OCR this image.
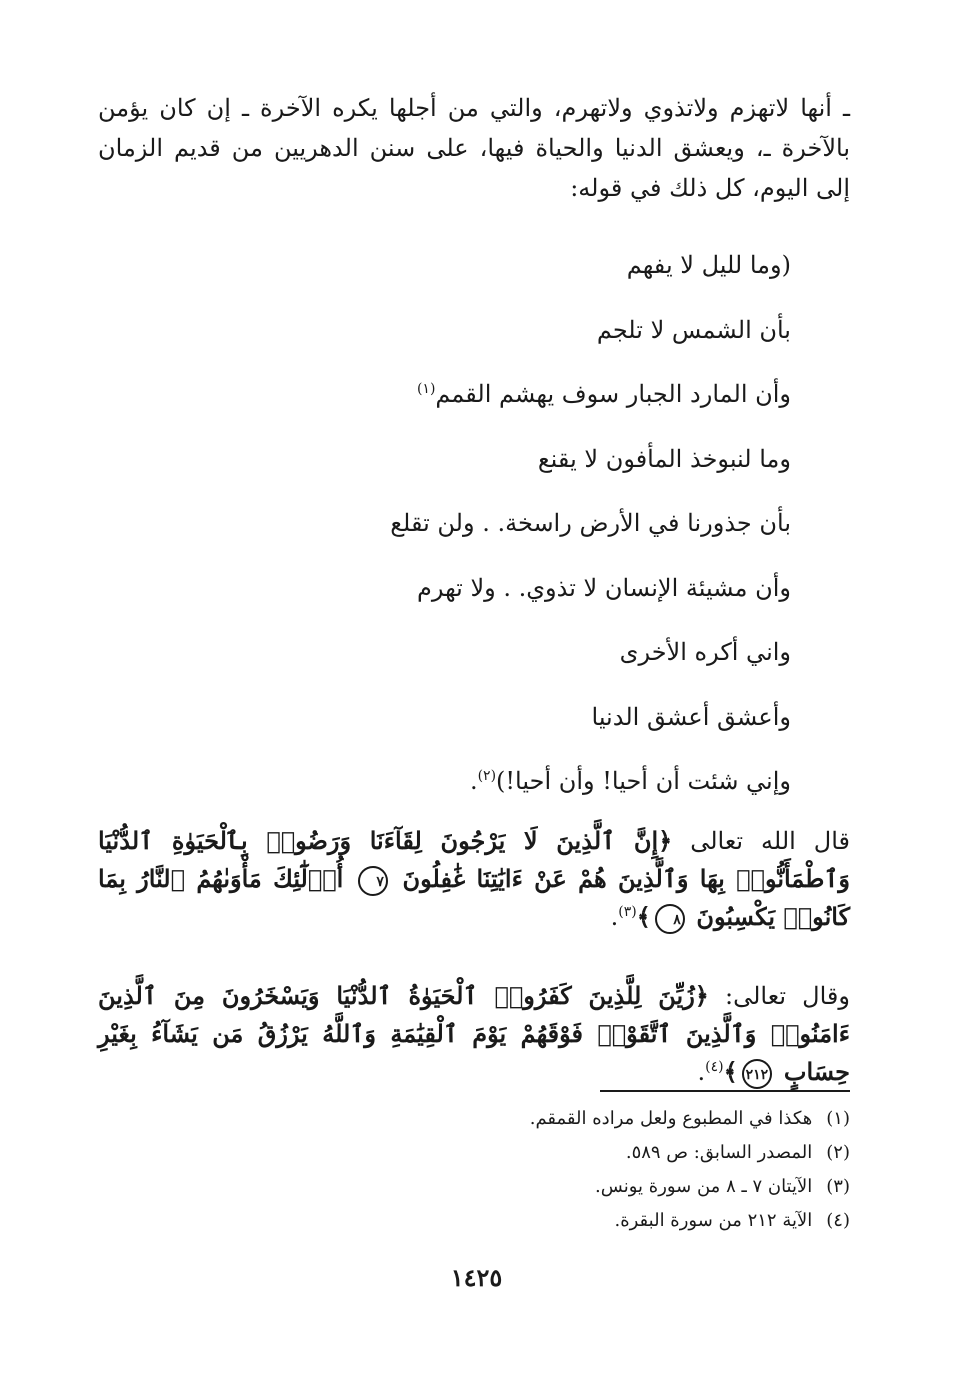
ـ أنها لاتهزم ولاتذوي ولاتهرم، والتي من أجلها يكره الآخرة ـ إن كان يؤمن بالآخرة ـ، ويعشق الدنيا والحياة فيها، على سنن الدهريين من قديم الزمان إلى اليوم، كل ذلك في قوله:

(وما لليل لا يفهم
بأن الشمس لا تلجم
وأن المارد الجبار سوف يهشم القمم$^{(١)}$
وما لنبوخذ المأفون لا يقنع
بأن جذورنا في الأرض راسخة. . ولن تقلع
وأن مشيئة الإنسان لا تذوي. . ولا تهرم
واني أكره الأخرى
وأعشق أعشق الدنيا
وإني شئت أن أحيا! وأن أحيا!)$^{(٢)}$.

قال الله تعالى ﴿إِنَّ ٱلَّذِينَ لَا يَرْجُونَ لِقَآءَنَا وَرَضُوا۟ بِٱلْحَيَوٰةِ ٱلدُّنْيَا وَٱطْمَأَنُّوا۟ بِهَا وَٱلَّذِينَ هُمْ عَنْ ءَايَٰتِنَا غَٰفِلُونَ ٧ أُو۟لَٰٓئِكَ مَأْوَىٰهُمُ ٱلنَّارُ بِمَا كَانُوا۟ يَكْسِبُونَ ٨﴾$^{(٣)}$.

وقال تعالى: ﴿زُيِّنَ لِلَّذِينَ كَفَرُوا۟ ٱلْحَيَوٰةُ ٱلدُّنْيَا وَيَسْخَرُونَ مِنَ ٱلَّذِينَ ءَامَنُوا۟ وَٱلَّذِينَ ٱتَّقَوْا۟ فَوْقَهُمْ يَوْمَ ٱلْقِيَٰمَةِ وَٱللَّهُ يَرْزُقُ مَن يَشَآءُ بِغَيْرِ حِسَابٍ ٢١٢﴾$^{(٤)}$.

(١)هكذا في المطبوع ولعل مراده القمقم.
(٢)المصدر السابق: ص ٥٨٩.
(٣)الآيتان ٧ ـ ٨ من سورة يونس.
(٤)الآية ٢١٢ من سورة البقرة.
١٤٢٥
